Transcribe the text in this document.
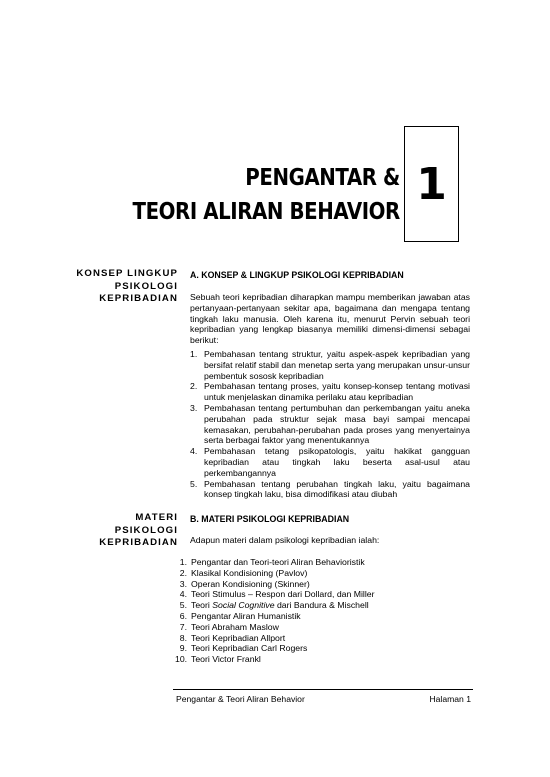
PENGANTAR &
TEORI ALIRAN BEHAVIOR
1
KONSEP LINGKUP
PSIKOLOGI
KEPRIBADIAN
A. KONSEP & LINGKUP PSIKOLOGI KEPRIBADIAN

Sebuah teori kepribadian diharapkan mampu memberikan jawaban atas pertanyaan-pertanyaan sekitar apa, bagaimana dan mengapa tentang tingkah laku manusia. Oleh karena itu, menurut Pervin sebuah teori kepribadian yang lengkap biasanya memiliki dimensi-dimensi sebagai berikut:

1. Pembahasan tentang struktur, yaitu aspek-aspek kepribadian yang bersifat relatif stabil dan menetap serta yang merupakan unsur-unsur pembentuk sososk kepribadian
2. Pembahasan tentang proses, yaitu konsep-konsep tentang motivasi untuk menjelaskan dinamika perilaku atau kepribadian
3. Pembahasan tentang pertumbuhan dan perkembangan yaitu aneka perubahan pada struktur sejak masa bayi sampai mencapai kemasakan, perubahan-perubahan pada proses yang menyertainya serta berbagai faktor yang menentukannya
4. Pembahasan tetang psikopatologis, yaitu hakikat gangguan kepribadian atau tingkah laku beserta asal-usul atau perkembangannya
5. Pembahasan tentang perubahan tingkah laku, yaitu bagaimana konsep tingkah laku, bisa dimodifikasi atau diubah
MATERI
PSIKOLOGI
KEPRIBADIAN
B. MATERI PSIKOLOGI KEPRIBADIAN

Adapun materi dalam psikologi kepribadian ialah:

1. Pengantar dan Teori-teori Aliran Behavioristik
2. Klasikal Kondisioning (Pavlov)
3. Operan Kondisioning (Skinner)
4. Teori Stimulus – Respon dari Dollard, dan Miller
5. Teori Social Cognitive dari Bandura & Mischell
6. Pengantar Aliran Humanistik
7. Teori Abraham Maslow
8. Teori Kepribadian Allport
9. Teori Kepribadian Carl Rogers
10. Teori Victor Frankl
Pengantar & Teori Aliran Behavior	Halaman 1
